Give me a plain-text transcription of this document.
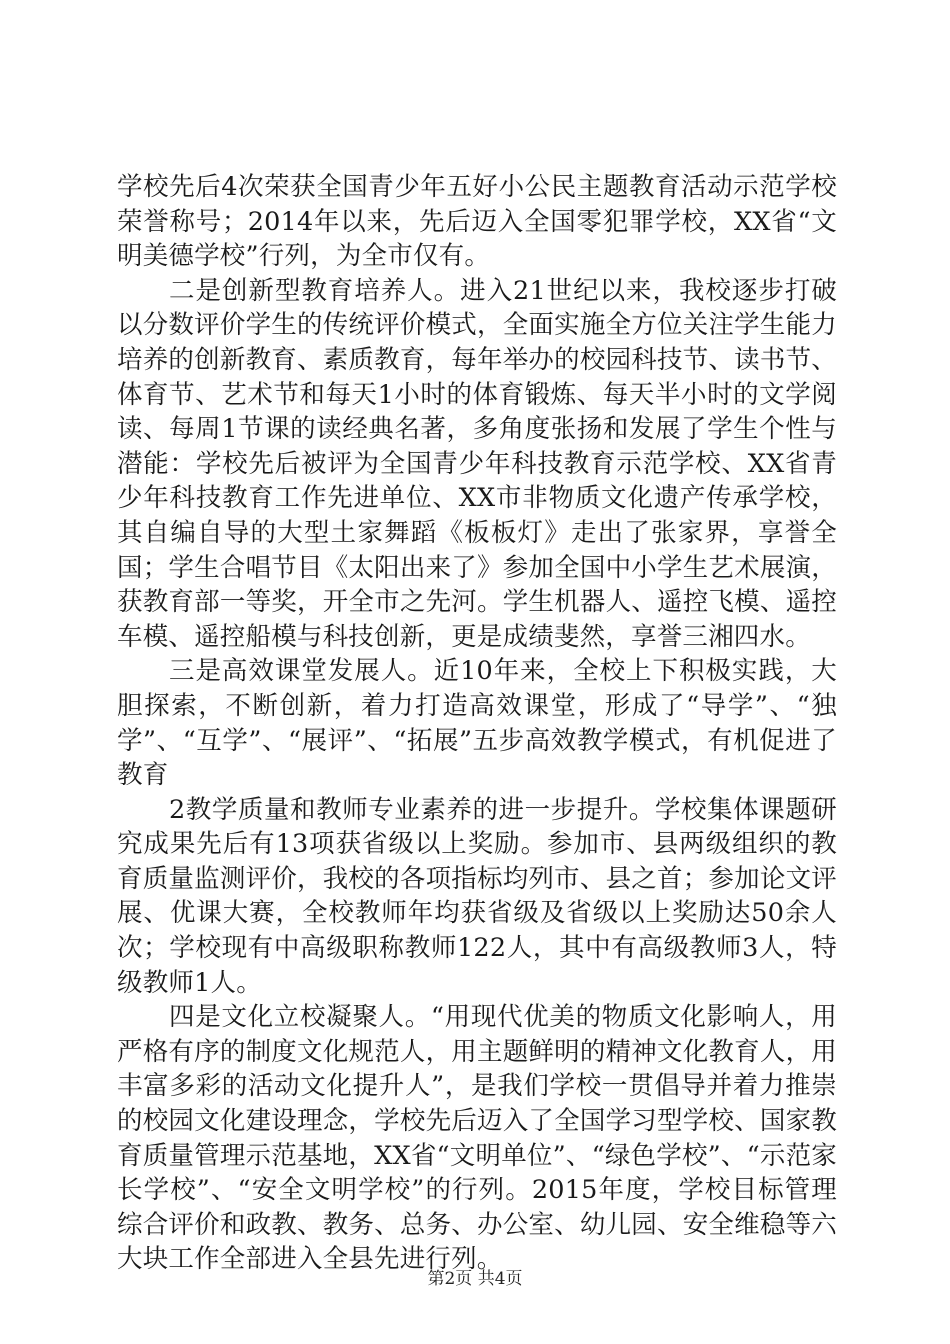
学校先后4次荣获全国青少年五好小公民主题教育活动示范学校荣誉称号；2014年以来，先后迈入全国零犯罪学校，XX省“文明美德学校”行列，为全市仅有。

二是创新型教育培养人。进入21世纪以来，我校逐步打破以分数评价学生的传统评价模式，全面实施全方位关注学生能力培养的创新教育、素质教育，每年举办的校园科技节、读书节、体育节、艺术节和每天1小时的体育锻炼、每天半小时的文学阅读、每周1节课的读经典名著，多角度张扬和发展了学生个性与潜能：学校先后被评为全国青少年科技教育示范学校、XX省青少年科技教育工作先进单位、XX市非物质文化遗产传承学校，其自编自导的大型土家舞蹈《板板灯》走出了张家界，享誉全国；学生合唱节目《太阳出来了》参加全国中小学生艺术展演，获教育部一等奖，开全市之先河。学生机器人、遥控飞模、遥控车模、遥控船模与科技创新，更是成绩斐然，享誉三湘四水。

三是高效课堂发展人。近10年来，全校上下积极实践，大胆探索，不断创新，着力打造高效课堂，形成了“导学”、“独学”、“互学”、“展评”、“拓展”五步高效教学模式，有机促进了教育

2教学质量和教师专业素养的进一步提升。学校集体课题研究成果先后有13项获省级以上奖励。参加市、县两级组织的教育质量监测评价，我校的各项指标均列市、县之首；参加论文评展、优课大赛，全校教师年均获省级及省级以上奖励达50余人次；学校现有中高级职称教师122人，其中有高级教师3人，特级教师1人。

四是文化立校凝聚人。“用现代优美的物质文化影响人，用严格有序的制度文化规范人，用主题鲜明的精神文化教育人，用丰富多彩的活动文化提升人”，是我们学校一贯倡导并着力推崇的校园文化建设理念，学校先后迈入了全国学习型学校、国家教育质量管理示范基地，XX省“文明单位”、“绿色学校”、“示范家长学校”、“安全文明学校”的行列。2015年度，学校目标管理综合评价和政教、教务、总务、办公室、幼儿园、安全维稳等六大块工作全部进入全县先进行列。

第2页 共4页
